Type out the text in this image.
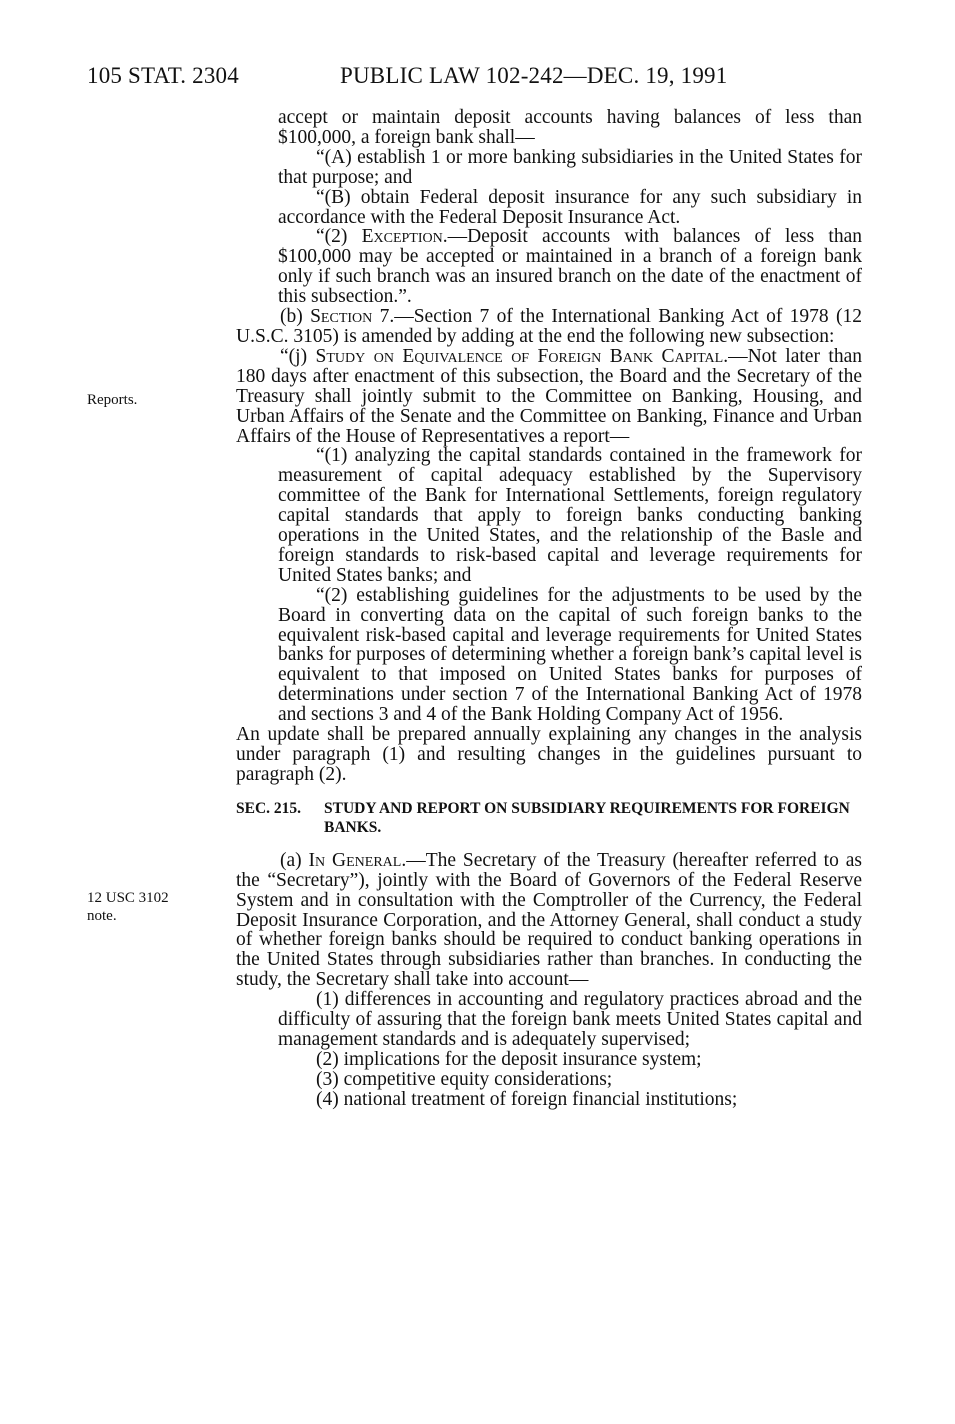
105 STAT. 2304	PUBLIC LAW 102-242—DEC. 19, 1991
Reports.
12 USC 3102
note.

accept or maintain deposit accounts having balances of less than $100,000, a foreign bank shall—

“(A) establish 1 or more banking subsidiaries in the United States for that purpose; and

“(B) obtain Federal deposit insurance for any such subsidiary in accordance with the Federal Deposit Insurance Act.

“(2) Exception.—Deposit accounts with balances of less than $100,000 may be accepted or maintained in a branch of a foreign bank only if such branch was an insured branch on the date of the enactment of this subsection.”.

(b) Section 7.—Section 7 of the International Banking Act of 1978 (12 U.S.C. 3105) is amended by adding at the end the following new subsection:

“(j) Study on Equivalence of Foreign Bank Capital.—Not later than 180 days after enactment of this subsection, the Board and the Secretary of the Treasury shall jointly submit to the Committee on Banking, Housing, and Urban Affairs of the Senate and the Committee on Banking, Finance and Urban Affairs of the House of Representatives a report—

“(1) analyzing the capital standards contained in the framework for measurement of capital adequacy established by the Supervisory committee of the Bank for International Settlements, foreign regulatory capital standards that apply to foreign banks conducting banking operations in the United States, and the relationship of the Basle and foreign standards to risk-based capital and leverage requirements for United States banks; and

“(2) establishing guidelines for the adjustments to be used by the Board in converting data on the capital of such foreign banks to the equivalent risk-based capital and leverage requirements for United States banks for purposes of determining whether a foreign bank’s capital level is equivalent to that imposed on United States banks for purposes of determinations under section 7 of the International Banking Act of 1978 and sections 3 and 4 of the Bank Holding Company Act of 1956.

An update shall be prepared annually explaining any changes in the analysis under paragraph (1) and resulting changes in the guidelines pursuant to paragraph (2).

SEC. 215. STUDY AND REPORT ON SUBSIDIARY REQUIREMENTS FOR FOREIGN BANKS.

(a) In General.—The Secretary of the Treasury (hereafter referred to as the “Secretary”), jointly with the Board of Governors of the Federal Reserve System and in consultation with the Comptroller of the Currency, the Federal Deposit Insurance Corporation, and the Attorney General, shall conduct a study of whether foreign banks should be required to conduct banking operations in the United States through subsidiaries rather than branches. In conducting the study, the Secretary shall take into account—

(1) differences in accounting and regulatory practices abroad and the difficulty of assuring that the foreign bank meets United States capital and management standards and is adequately supervised;

(2) implications for the deposit insurance system;

(3) competitive equity considerations;

(4) national treatment of foreign financial institutions;
